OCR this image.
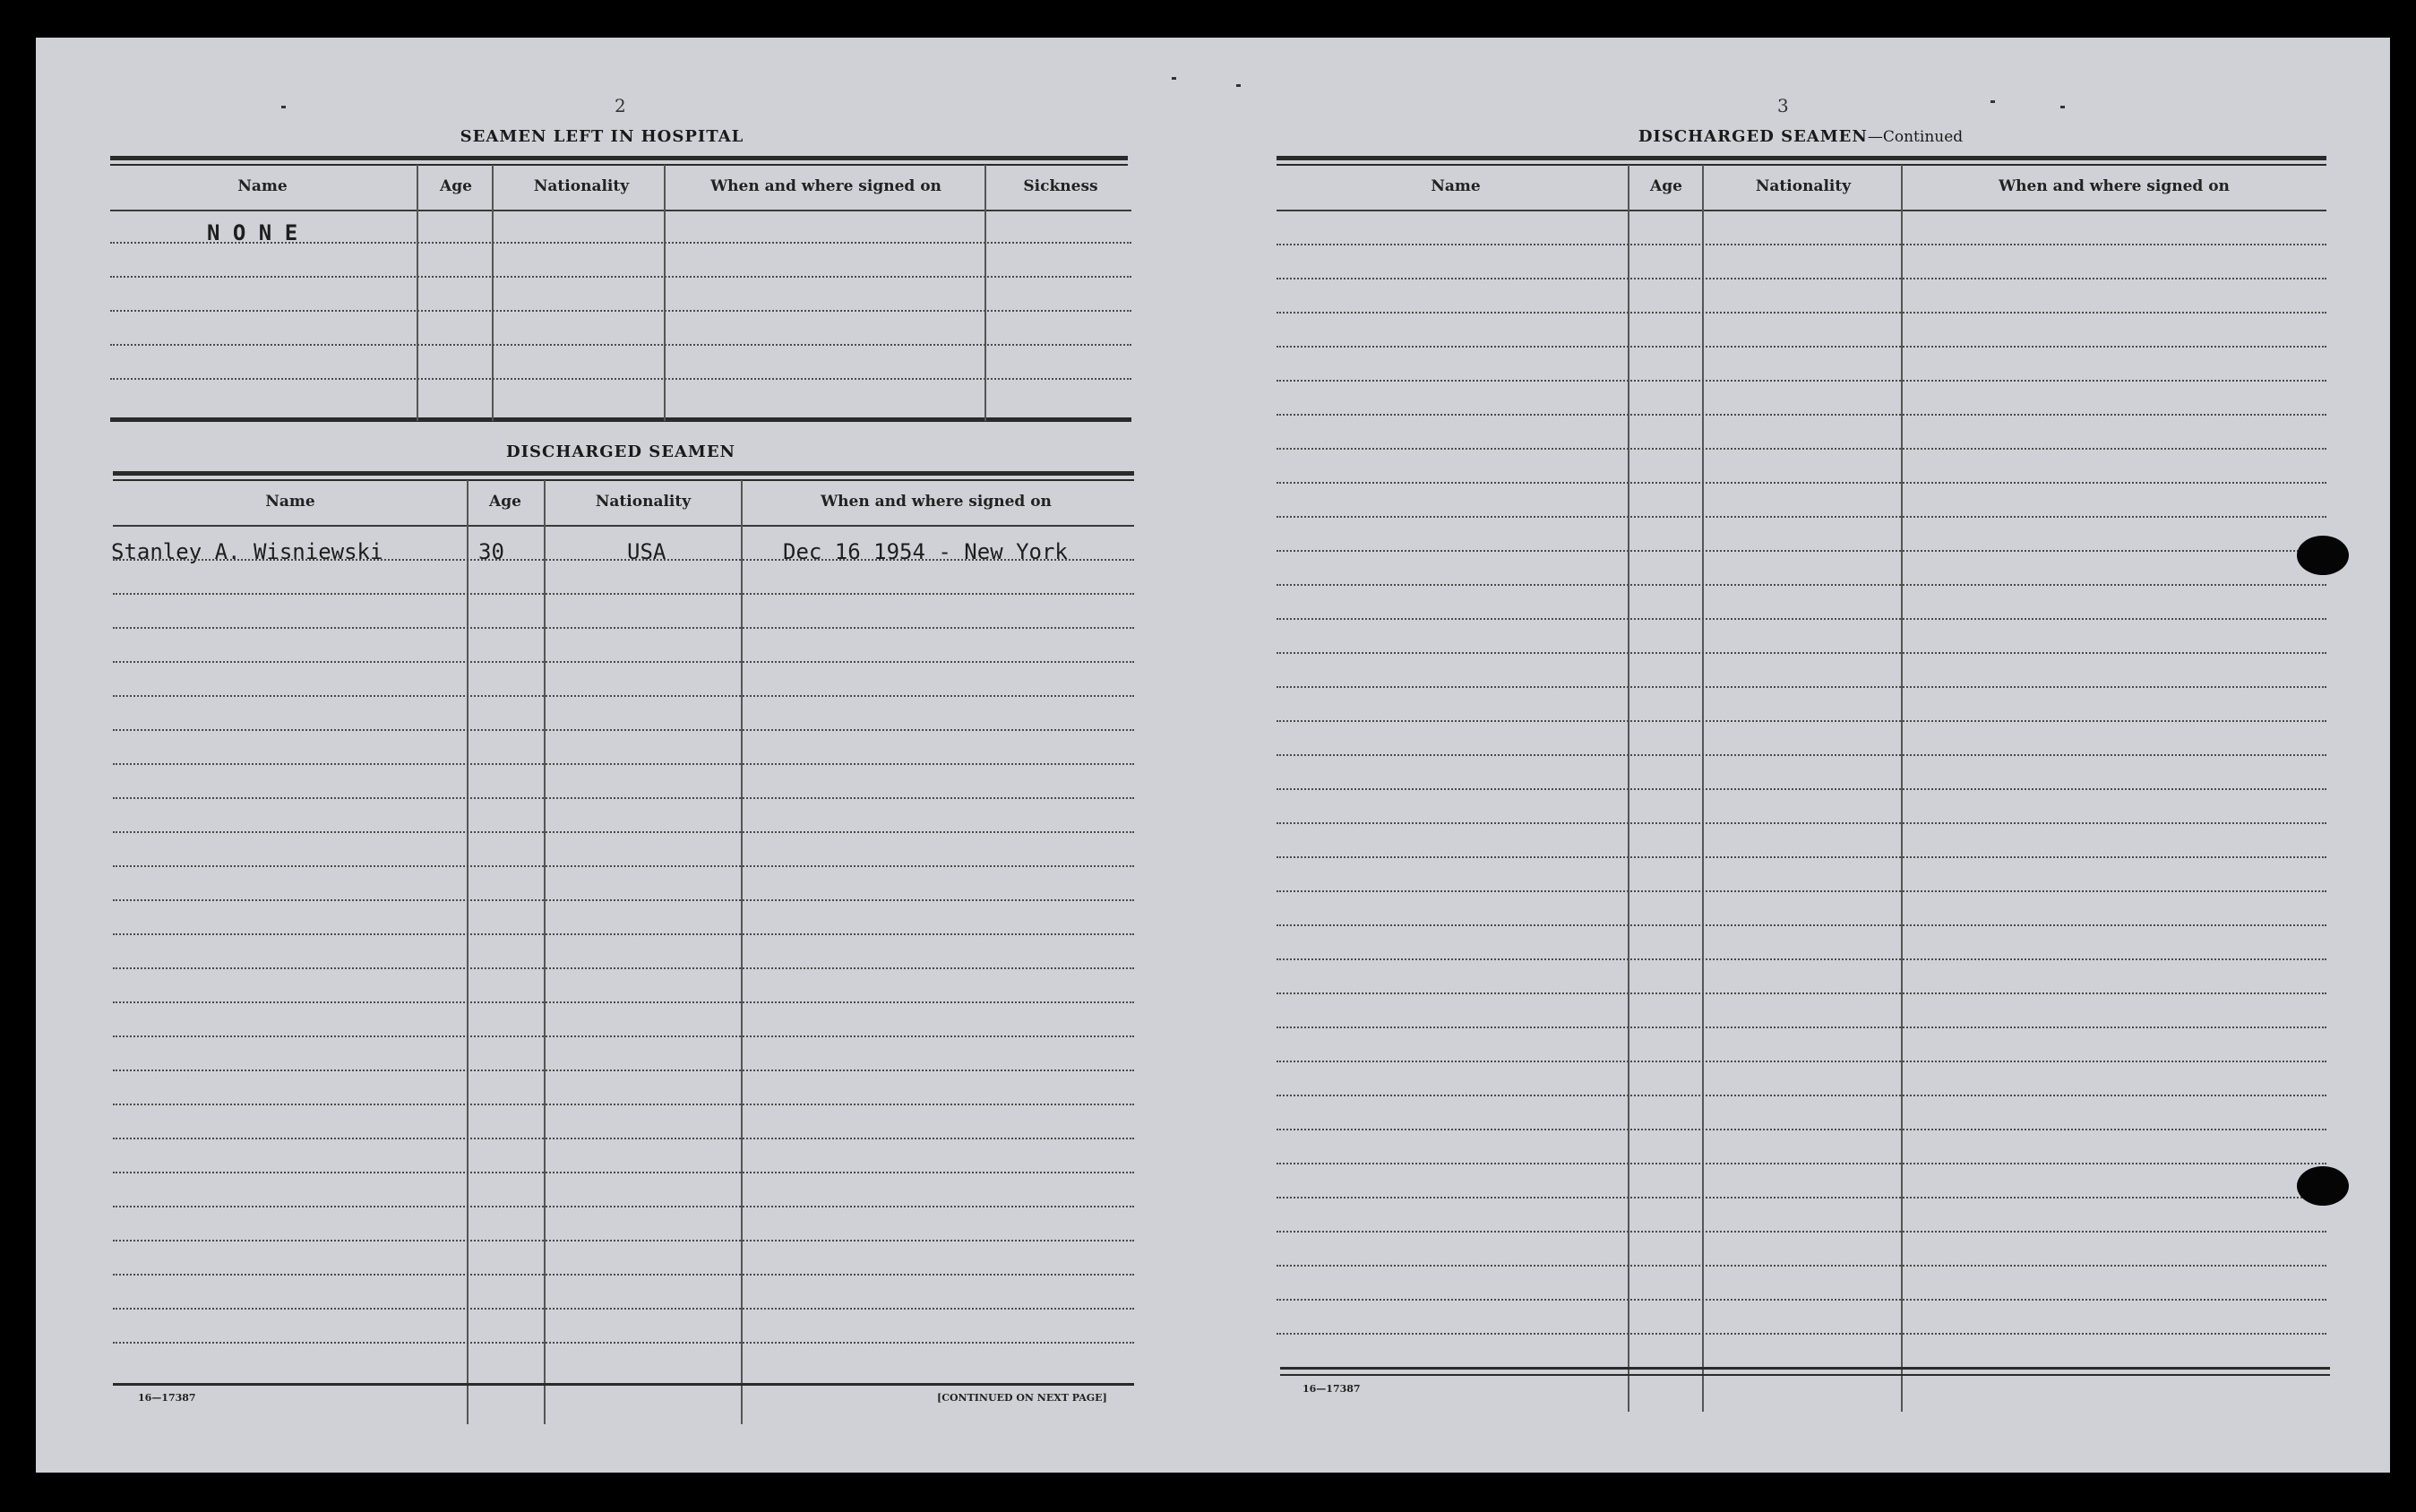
2
SEAMEN LEFT IN HOSPITAL
Name	Age	Nationality	When and where signed on	Sickness
N O N E
DISCHARGED SEAMEN
Name	Age	Nationality	When and where signed on
Stanley A. Wisniewski	30	USA	Dec 16 1954 - New York
16—17387	[CONTINUED ON NEXT PAGE]
3
DISCHARGED SEAMEN—Continued
Name	Age	Nationality	When and where signed on
16—17387
